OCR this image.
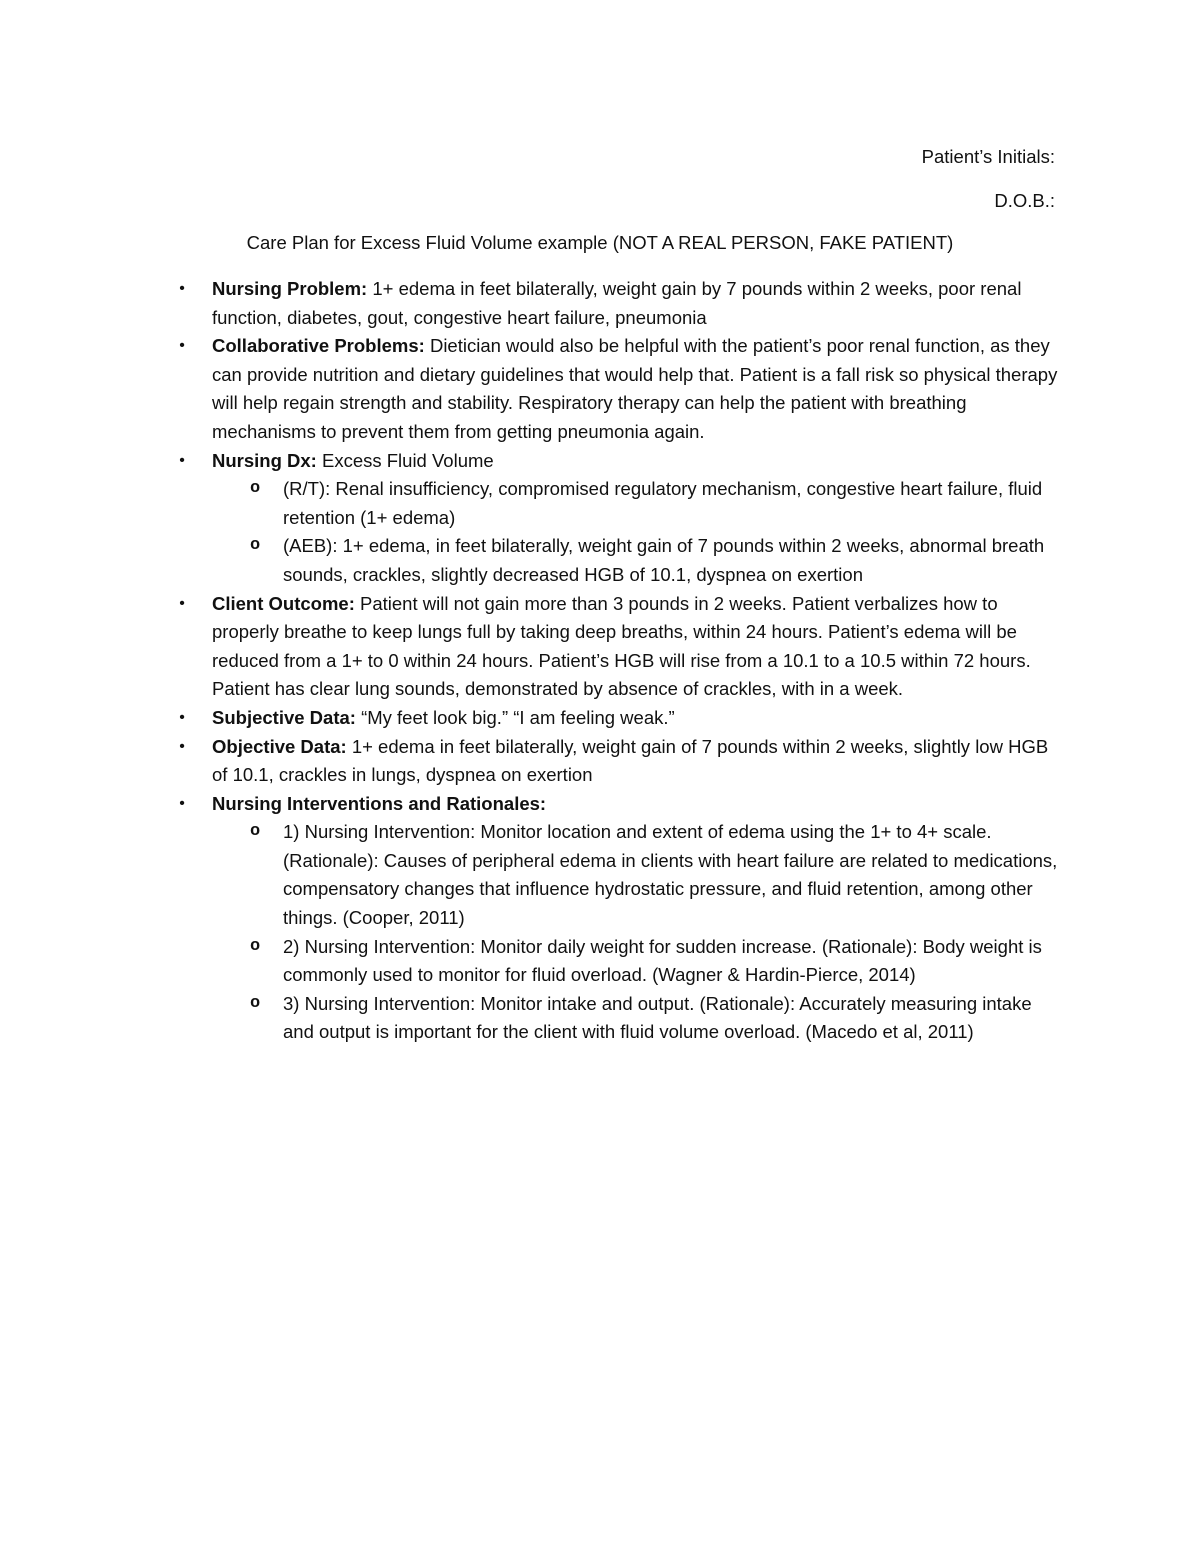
Patient’s Initials:
D.O.B.:
Care Plan for Excess Fluid Volume example (NOT A REAL PERSON, FAKE PATIENT)
• Nursing Problem: 1+ edema in feet bilaterally, weight gain by 7 pounds within 2 weeks, poor renal function, diabetes, gout, congestive heart failure, pneumonia
• Collaborative Problems: Dietician would also be helpful with the patient’s poor renal function, as they can provide nutrition and dietary guidelines that would help that. Patient is a fall risk so physical therapy will help regain strength and stability. Respiratory therapy can help the patient with breathing mechanisms to prevent them from getting pneumonia again.
• Nursing Dx: Excess Fluid Volume
o (R/T): Renal insufficiency, compromised regulatory mechanism, congestive heart failure, fluid retention (1+ edema)
o (AEB): 1+ edema, in feet bilaterally, weight gain of 7 pounds within 2 weeks, abnormal breath sounds, crackles, slightly decreased HGB of 10.1, dyspnea on exertion
• Client Outcome: Patient will not gain more than 3 pounds in 2 weeks. Patient verbalizes how to properly breathe to keep lungs full by taking deep breaths, within 24 hours. Patient’s edema will be reduced from a 1+ to 0 within 24 hours. Patient’s HGB will rise from a 10.1 to a 10.5 within 72 hours. Patient has clear lung sounds, demonstrated by absence of crackles, with in a week.
• Subjective Data: “My feet look big.” “I am feeling weak.”
• Objective Data: 1+ edema in feet bilaterally, weight gain of 7 pounds within 2 weeks, slightly low HGB of 10.1, crackles in lungs, dyspnea on exertion
• Nursing Interventions and Rationales:
o 1) Nursing Intervention: Monitor location and extent of edema using the 1+ to 4+ scale. (Rationale): Causes of peripheral edema in clients with heart failure are related to medications, compensatory changes that influence hydrostatic pressure, and fluid retention, among other things. (Cooper, 2011)
o 2) Nursing Intervention: Monitor daily weight for sudden increase. (Rationale): Body weight is commonly used to monitor for fluid overload. (Wagner & Hardin-Pierce, 2014)
o 3) Nursing Intervention: Monitor intake and output. (Rationale): Accurately measuring intake and output is important for the client with fluid volume overload. (Macedo et al, 2011)
